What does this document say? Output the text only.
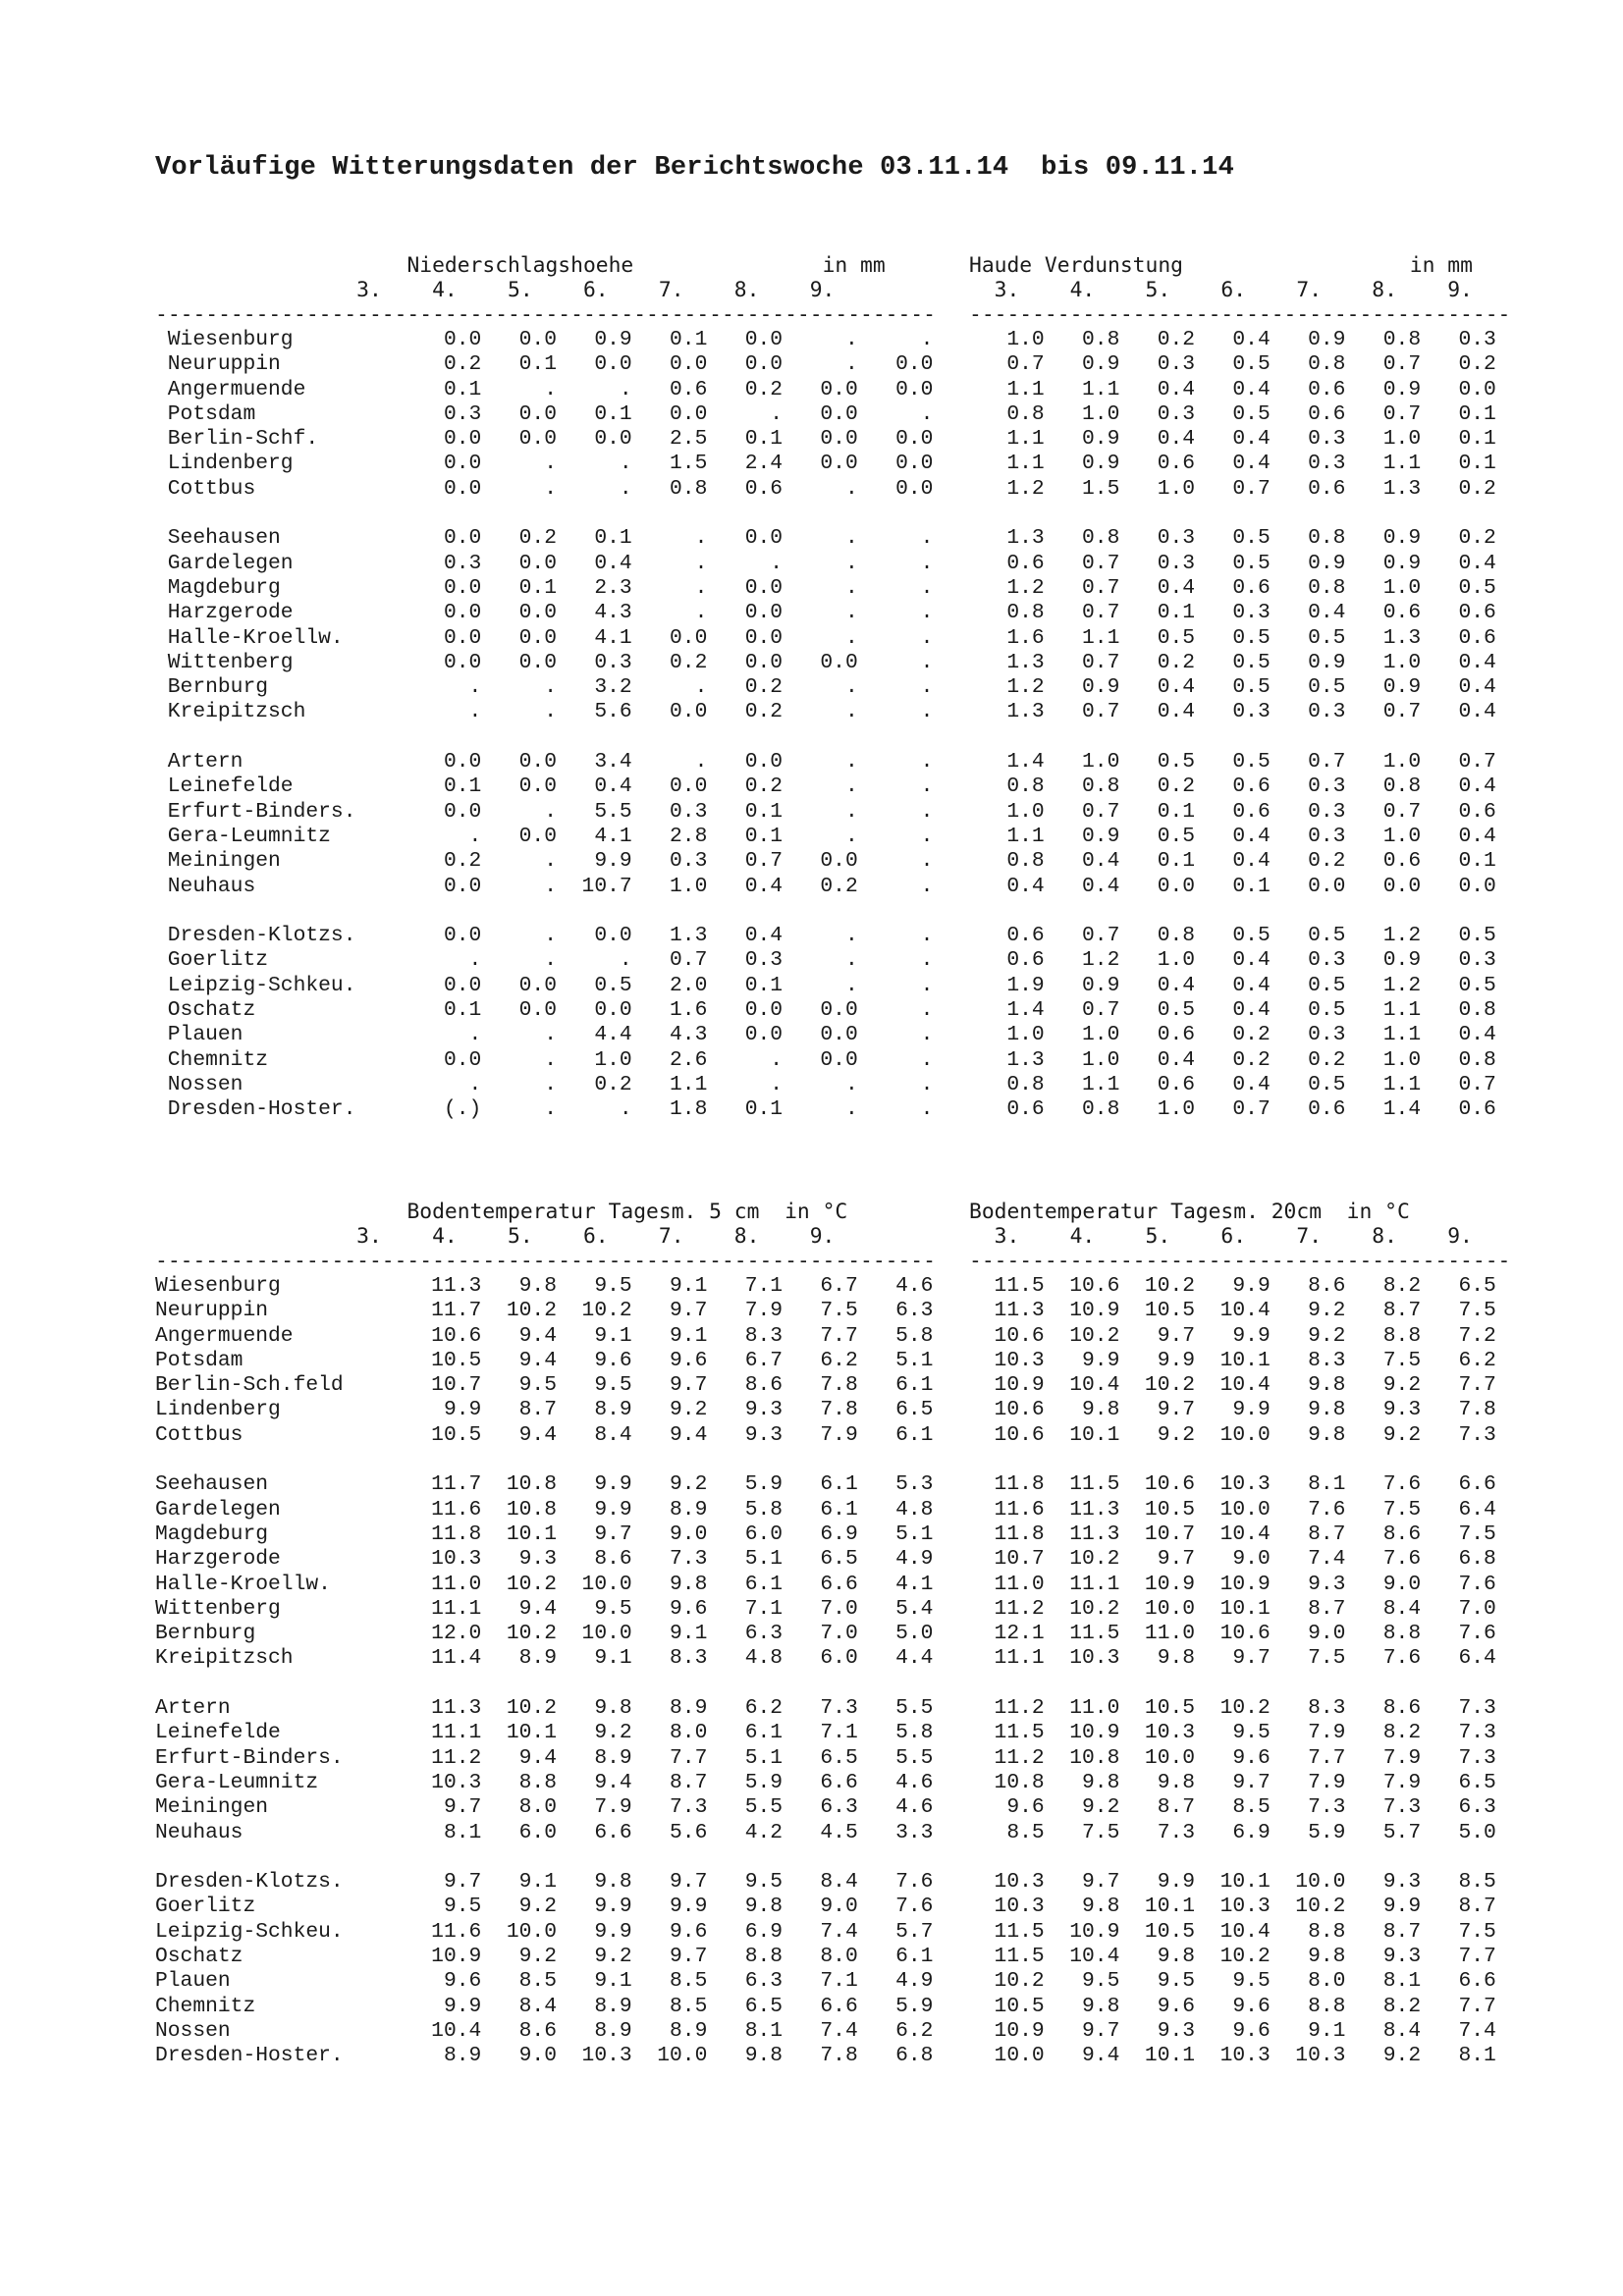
Vorläufige Witterungsdaten der Berichtswoche 03.11.14  bis 09.11.14
Niederschlagshoehe	in mm
3.    4.    5.    6.    7.    8.    9.
--------------------------------------------------------------
Wiesenburg            0.0   0.0   0.9   0.1   0.0     .     .
Neuruppin             0.2   0.1   0.0   0.0   0.0     .   0.0
Angermuende           0.1     .     .   0.6   0.2   0.0   0.0
Potsdam               0.3   0.0   0.1   0.0     .   0.0     .
Berlin-Schf.          0.0   0.0   0.0   2.5   0.1   0.0   0.0
Lindenberg            0.0     .     .   1.5   2.4   0.0   0.0
Cottbus               0.0     .     .   0.8   0.6     .   0.0

Seehausen             0.0   0.2   0.1     .   0.0     .     .
Gardelegen            0.3   0.0   0.4     .     .     .     .
Magdeburg             0.0   0.1   2.3     .   0.0     .     .
Harzgerode            0.0   0.0   4.3     .   0.0     .     .
Halle-Kroellw.        0.0   0.0   4.1   0.0   0.0     .     .
Wittenberg            0.0   0.0   0.3   0.2   0.0   0.0     .
Bernburg                .     .   3.2     .   0.2     .     .
Kreipitzsch             .     .   5.6   0.0   0.2     .     .

Artern                0.0   0.0   3.4     .   0.0     .     .
Leinefelde            0.1   0.0   0.4   0.0   0.2     .     .
Erfurt-Binders.       0.0     .   5.5   0.3   0.1     .     .
Gera-Leumnitz           .   0.0   4.1   2.8   0.1     .     .
Meiningen             0.2     .   9.9   0.3   0.7   0.0     .
Neuhaus               0.0     .  10.7   1.0   0.4   0.2     .

Dresden-Klotzs.       0.0     .   0.0   1.3   0.4     .     .
Goerlitz                .     .     .   0.7   0.3     .     .
Leipzig-Schkeu.       0.0   0.0   0.5   2.0   0.1     .     .
Oschatz               0.1   0.0   0.0   1.6   0.0   0.0     .
Plauen                  .     .   4.4   4.3   0.0   0.0     .
Chemnitz              0.0     .   1.0   2.6     .   0.0     .
Nossen                  .     .   0.2   1.1     .     .     .
Dresden-Hoster.       (.)     .     .   1.8   0.1     .     .
Haude Verdunstung	in mm
3.    4.    5.    6.    7.    8.    9.
-------------------------------------------
1.0   0.8   0.2   0.4   0.9   0.8   0.3
0.7   0.9   0.3   0.5   0.8   0.7   0.2
1.1   1.1   0.4   0.4   0.6   0.9   0.0
0.8   1.0   0.3   0.5   0.6   0.7   0.1
1.1   0.9   0.4   0.4   0.3   1.0   0.1
1.1   0.9   0.6   0.4   0.3   1.1   0.1
1.2   1.5   1.0   0.7   0.6   1.3   0.2

1.3   0.8   0.3   0.5   0.8   0.9   0.2
0.6   0.7   0.3   0.5   0.9   0.9   0.4
1.2   0.7   0.4   0.6   0.8   1.0   0.5
0.8   0.7   0.1   0.3   0.4   0.6   0.6
1.6   1.1   0.5   0.5   0.5   1.3   0.6
1.3   0.7   0.2   0.5   0.9   1.0   0.4
1.2   0.9   0.4   0.5   0.5   0.9   0.4
1.3   0.7   0.4   0.3   0.3   0.7   0.4

1.4   1.0   0.5   0.5   0.7   1.0   0.7
0.8   0.8   0.2   0.6   0.3   0.8   0.4
1.0   0.7   0.1   0.6   0.3   0.7   0.6
1.1   0.9   0.5   0.4   0.3   1.0   0.4
0.8   0.4   0.1   0.4   0.2   0.6   0.1
0.4   0.4   0.0   0.1   0.0   0.0   0.0

0.6   0.7   0.8   0.5   0.5   1.2   0.5
0.6   1.2   1.0   0.4   0.3   0.9   0.3
1.9   0.9   0.4   0.4   0.5   1.2   0.5
1.4   0.7   0.5   0.4   0.5   1.1   0.8
1.0   1.0   0.6   0.2   0.3   1.1   0.4
1.3   1.0   0.4   0.2   0.2   1.0   0.8
0.8   1.1   0.6   0.4   0.5   1.1   0.7
0.6   0.8   1.0   0.7   0.6   1.4   0.6
Bodentemperatur Tagesm. 5 cm in °C
3.    4.    5.    6.    7.    8.    9.
--------------------------------------------------------------
Wiesenburg            11.3   9.8   9.5   9.1   7.1   6.7   4.6
Neuruppin             11.7  10.2  10.2   9.7   7.9   7.5   6.3
Angermuende           10.6   9.4   9.1   9.1   8.3   7.7   5.8
Potsdam               10.5   9.4   9.6   9.6   6.7   6.2   5.1
Berlin-Sch.feld       10.7   9.5   9.5   9.7   8.6   7.8   6.1
Lindenberg             9.9   8.7   8.9   9.2   9.3   7.8   6.5
Cottbus               10.5   9.4   8.4   9.4   9.3   7.9   6.1

Seehausen             11.7  10.8   9.9   9.2   5.9   6.1   5.3
Gardelegen            11.6  10.8   9.9   8.9   5.8   6.1   4.8
Magdeburg             11.8  10.1   9.7   9.0   6.0   6.9   5.1
Harzgerode            10.3   9.3   8.6   7.3   5.1   6.5   4.9
Halle-Kroellw.        11.0  10.2  10.0   9.8   6.1   6.6   4.1
Wittenberg            11.1   9.4   9.5   9.6   7.1   7.0   5.4
Bernburg              12.0  10.2  10.0   9.1   6.3   7.0   5.0
Kreipitzsch           11.4   8.9   9.1   8.3   4.8   6.0   4.4

Artern                11.3  10.2   9.8   8.9   6.2   7.3   5.5
Leinefelde            11.1  10.1   9.2   8.0   6.1   7.1   5.8
Erfurt-Binders.       11.2   9.4   8.9   7.7   5.1   6.5   5.5
Gera-Leumnitz         10.3   8.8   9.4   8.7   5.9   6.6   4.6
Meiningen              9.7   8.0   7.9   7.3   5.5   6.3   4.6
Neuhaus                8.1   6.0   6.6   5.6   4.2   4.5   3.3

Dresden-Klotzs.        9.7   9.1   9.8   9.7   9.5   8.4   7.6
Goerlitz               9.5   9.2   9.9   9.9   9.8   9.0   7.6
Leipzig-Schkeu.       11.6  10.0   9.9   9.6   6.9   7.4   5.7
Oschatz               10.9   9.2   9.2   9.7   8.8   8.0   6.1
Plauen                 9.6   8.5   9.1   8.5   6.3   7.1   4.9
Chemnitz               9.9   8.4   8.9   8.5   6.5   6.6   5.9
Nossen                10.4   8.6   8.9   8.9   8.1   7.4   6.2
Dresden-Hoster.        8.9   9.0  10.3  10.0   9.8   7.8   6.8
Bodentemperatur Tagesm. 20cm in °C
3.    4.    5.    6.    7.    8.    9.
-------------------------------------------
11.5  10.6  10.2   9.9   8.6   8.2   6.5
11.3  10.9  10.5  10.4   9.2   8.7   7.5
10.6  10.2   9.7   9.9   9.2   8.8   7.2
10.3   9.9   9.9  10.1   8.3   7.5   6.2
10.9  10.4  10.2  10.4   9.8   9.2   7.7
10.6   9.8   9.7   9.9   9.8   9.3   7.8
10.6  10.1   9.2  10.0   9.8   9.2   7.3

11.8  11.5  10.6  10.3   8.1   7.6   6.6
11.6  11.3  10.5  10.0   7.6   7.5   6.4
11.8  11.3  10.7  10.4   8.7   8.6   7.5
10.7  10.2   9.7   9.0   7.4   7.6   6.8
11.0  11.1  10.9  10.9   9.3   9.0   7.6
11.2  10.2  10.0  10.1   8.7   8.4   7.0
12.1  11.5  11.0  10.6   9.0   8.8   7.6
11.1  10.3   9.8   9.7   7.5   7.6   6.4

11.2  11.0  10.5  10.2   8.3   8.6   7.3
11.5  10.9  10.3   9.5   7.9   8.2   7.3
11.2  10.8  10.0   9.6   7.7   7.9   7.3
10.8   9.8   9.8   9.7   7.9   7.9   6.5
9.6   9.2   8.7   8.5   7.3   7.3   6.3
8.5   7.5   7.3   6.9   5.9   5.7   5.0

10.3   9.7   9.9  10.1  10.0   9.3   8.5
10.3   9.8  10.1  10.3  10.2   9.9   8.7
11.5  10.9  10.5  10.4   8.8   8.7   7.5
11.5  10.4   9.8  10.2   9.8   9.3   7.7
10.2   9.5   9.5   9.5   8.0   8.1   6.6
10.5   9.8   9.6   9.6   8.8   8.2   7.7
10.9   9.7   9.3   9.6   9.1   8.4   7.4
10.0   9.4  10.1  10.3  10.3   9.2   8.1
